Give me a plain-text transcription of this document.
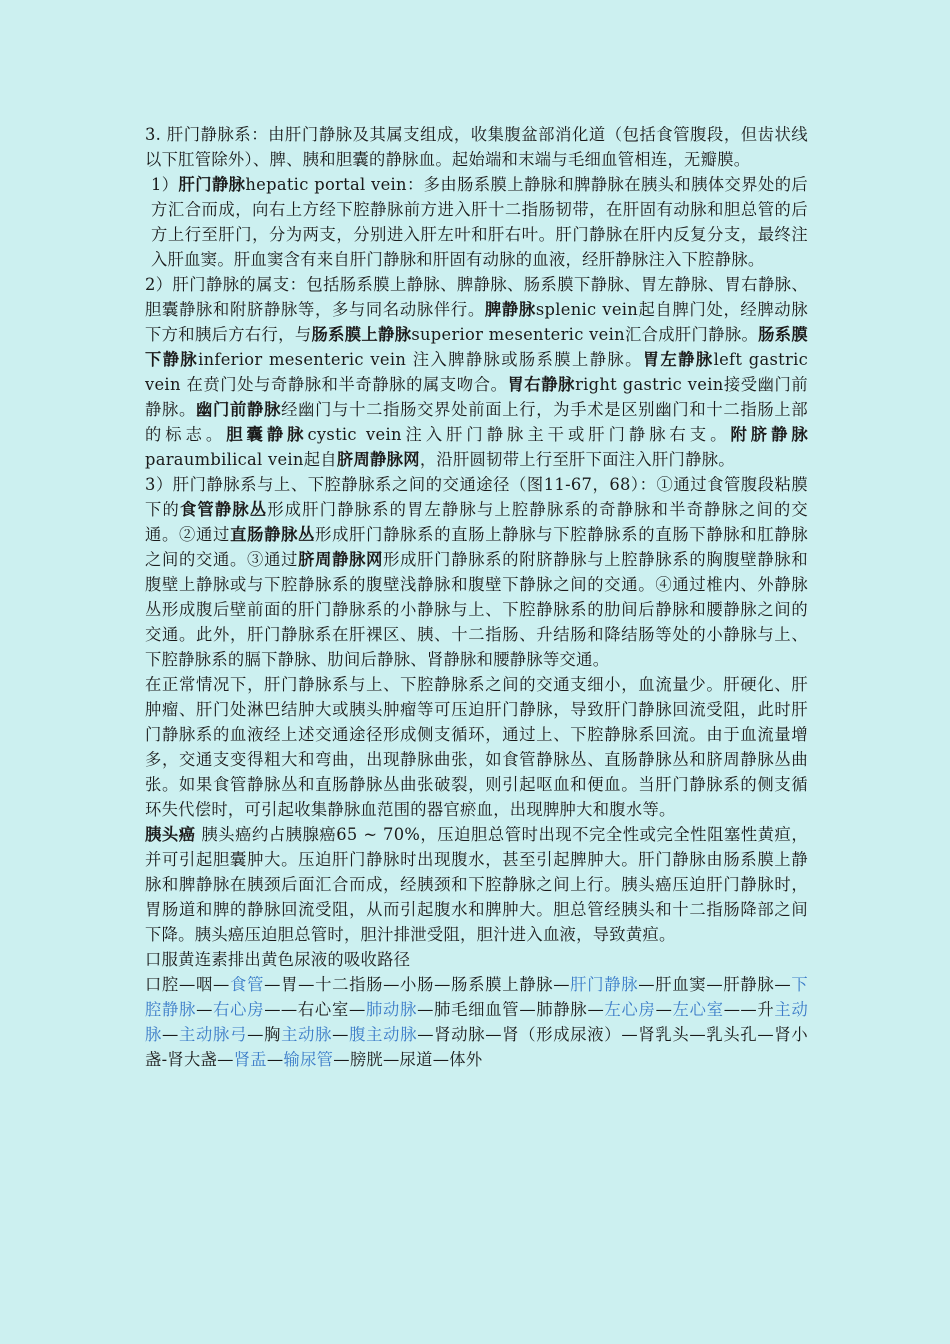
3. 肝门静脉系：由肝门静脉及其属支组成，收集腹盆部消化道（包括食管腹段，但齿状线以下肛管除外）、脾、胰和胆囊的静脉血。起始端和末端与毛细血管相连，无瓣膜。

1）肝门静脉hepatic portal vein：多由肠系膜上静脉和脾静脉在胰头和胰体交界处的后方汇合而成，向右上方经下腔静脉前方进入肝十二指肠韧带，在肝固有动脉和胆总管的后方上行至肝门，分为两支，分别进入肝左叶和肝右叶。肝门静脉在肝内反复分支，最终注入肝血窦。肝血窦含有来自肝门静脉和肝固有动脉的血液，经肝静脉注入下腔静脉。

2）肝门静脉的属支：包括肠系膜上静脉、脾静脉、肠系膜下静脉、胃左静脉、胃右静脉、胆囊静脉和附脐静脉等，多与同名动脉伴行。脾静脉splenic vein起自脾门处，经脾动脉下方和胰后方右行，与肠系膜上静脉superior mesenteric vein汇合成肝门静脉。肠系膜下静脉inferior mesenteric vein 注入脾静脉或肠系膜上静脉。胃左静脉left gastric vein 在贲门处与奇静脉和半奇静脉的属支吻合。胃右静脉right gastric vein接受幽门前静脉。幽门前静脉经幽门与十二指肠交界处前面上行，为手术是区别幽门和十二指肠上部的标志。胆囊静脉cystic vein注入肝门静脉主干或肝门静脉右支。附脐静脉paraumbilical vein起自脐周静脉网，沿肝圆韧带上行至肝下面注入肝门静脉。

3）肝门静脉系与上、下腔静脉系之间的交通途径（图11-67，68）：①通过食管腹段粘膜下的食管静脉丛形成肝门静脉系的胃左静脉与上腔静脉系的奇静脉和半奇静脉之间的交通。②通过直肠静脉丛形成肝门静脉系的直肠上静脉与下腔静脉系的直肠下静脉和肛静脉之间的交通。③通过脐周静脉网形成肝门静脉系的附脐静脉与上腔静脉系的胸腹壁静脉和腹壁上静脉或与下腔静脉系的腹壁浅静脉和腹壁下静脉之间的交通。④通过椎内、外静脉丛形成腹后壁前面的肝门静脉系的小静脉与上、下腔静脉系的肋间后静脉和腰静脉之间的交通。此外，肝门静脉系在肝裸区、胰、十二指肠、升结肠和降结肠等处的小静脉与上、下腔静脉系的膈下静脉、肋间后静脉、肾静脉和腰静脉等交通。

在正常情况下，肝门静脉系与上、下腔静脉系之间的交通支细小，血流量少。肝硬化、肝肿瘤、肝门处淋巴结肿大或胰头肿瘤等可压迫肝门静脉，导致肝门静脉回流受阻，此时肝门静脉系的血液经上述交通途径形成侧支循环，通过上、下腔静脉系回流。由于血流量增多，交通支变得粗大和弯曲，出现静脉曲张，如食管静脉丛、直肠静脉丛和脐周静脉丛曲张。如果食管静脉丛和直肠静脉丛曲张破裂，则引起呕血和便血。当肝门静脉系的侧支循环失代偿时，可引起收集静脉血范围的器官瘀血，出现脾肿大和腹水等。

胰头癌 胰头癌约占胰腺癌65 ~ 70%，压迫胆总管时出现不完全性或完全性阻塞性黄疸，并可引起胆囊肿大。压迫肝门静脉时出现腹水，甚至引起脾肿大。肝门静脉由肠系膜上静脉和脾静脉在胰颈后面汇合而成，经胰颈和下腔静脉之间上行。胰头癌压迫肝门静脉时，胃肠道和脾的静脉回流受阻，从而引起腹水和脾肿大。胆总管经胰头和十二指肠降部之间下降。胰头癌压迫胆总管时，胆汁排泄受阻，胆汁进入血液，导致黄疸。

口服黄连素排出黄色尿液的吸收路径

口腔—咽—食管—胃—十二指肠—小肠—肠系膜上静脉—肝门静脉—肝血窦—肝静脉—下腔静脉—右心房——右心室—肺动脉—肺毛细血管—肺静脉—左心房—左心室——升主动脉—主动脉弓—胸主动脉—腹主动脉—肾动脉—肾（形成尿液）—肾乳头—乳头孔—肾小盏-肾大盏—肾盂—输尿管—膀胱—尿道—体外
